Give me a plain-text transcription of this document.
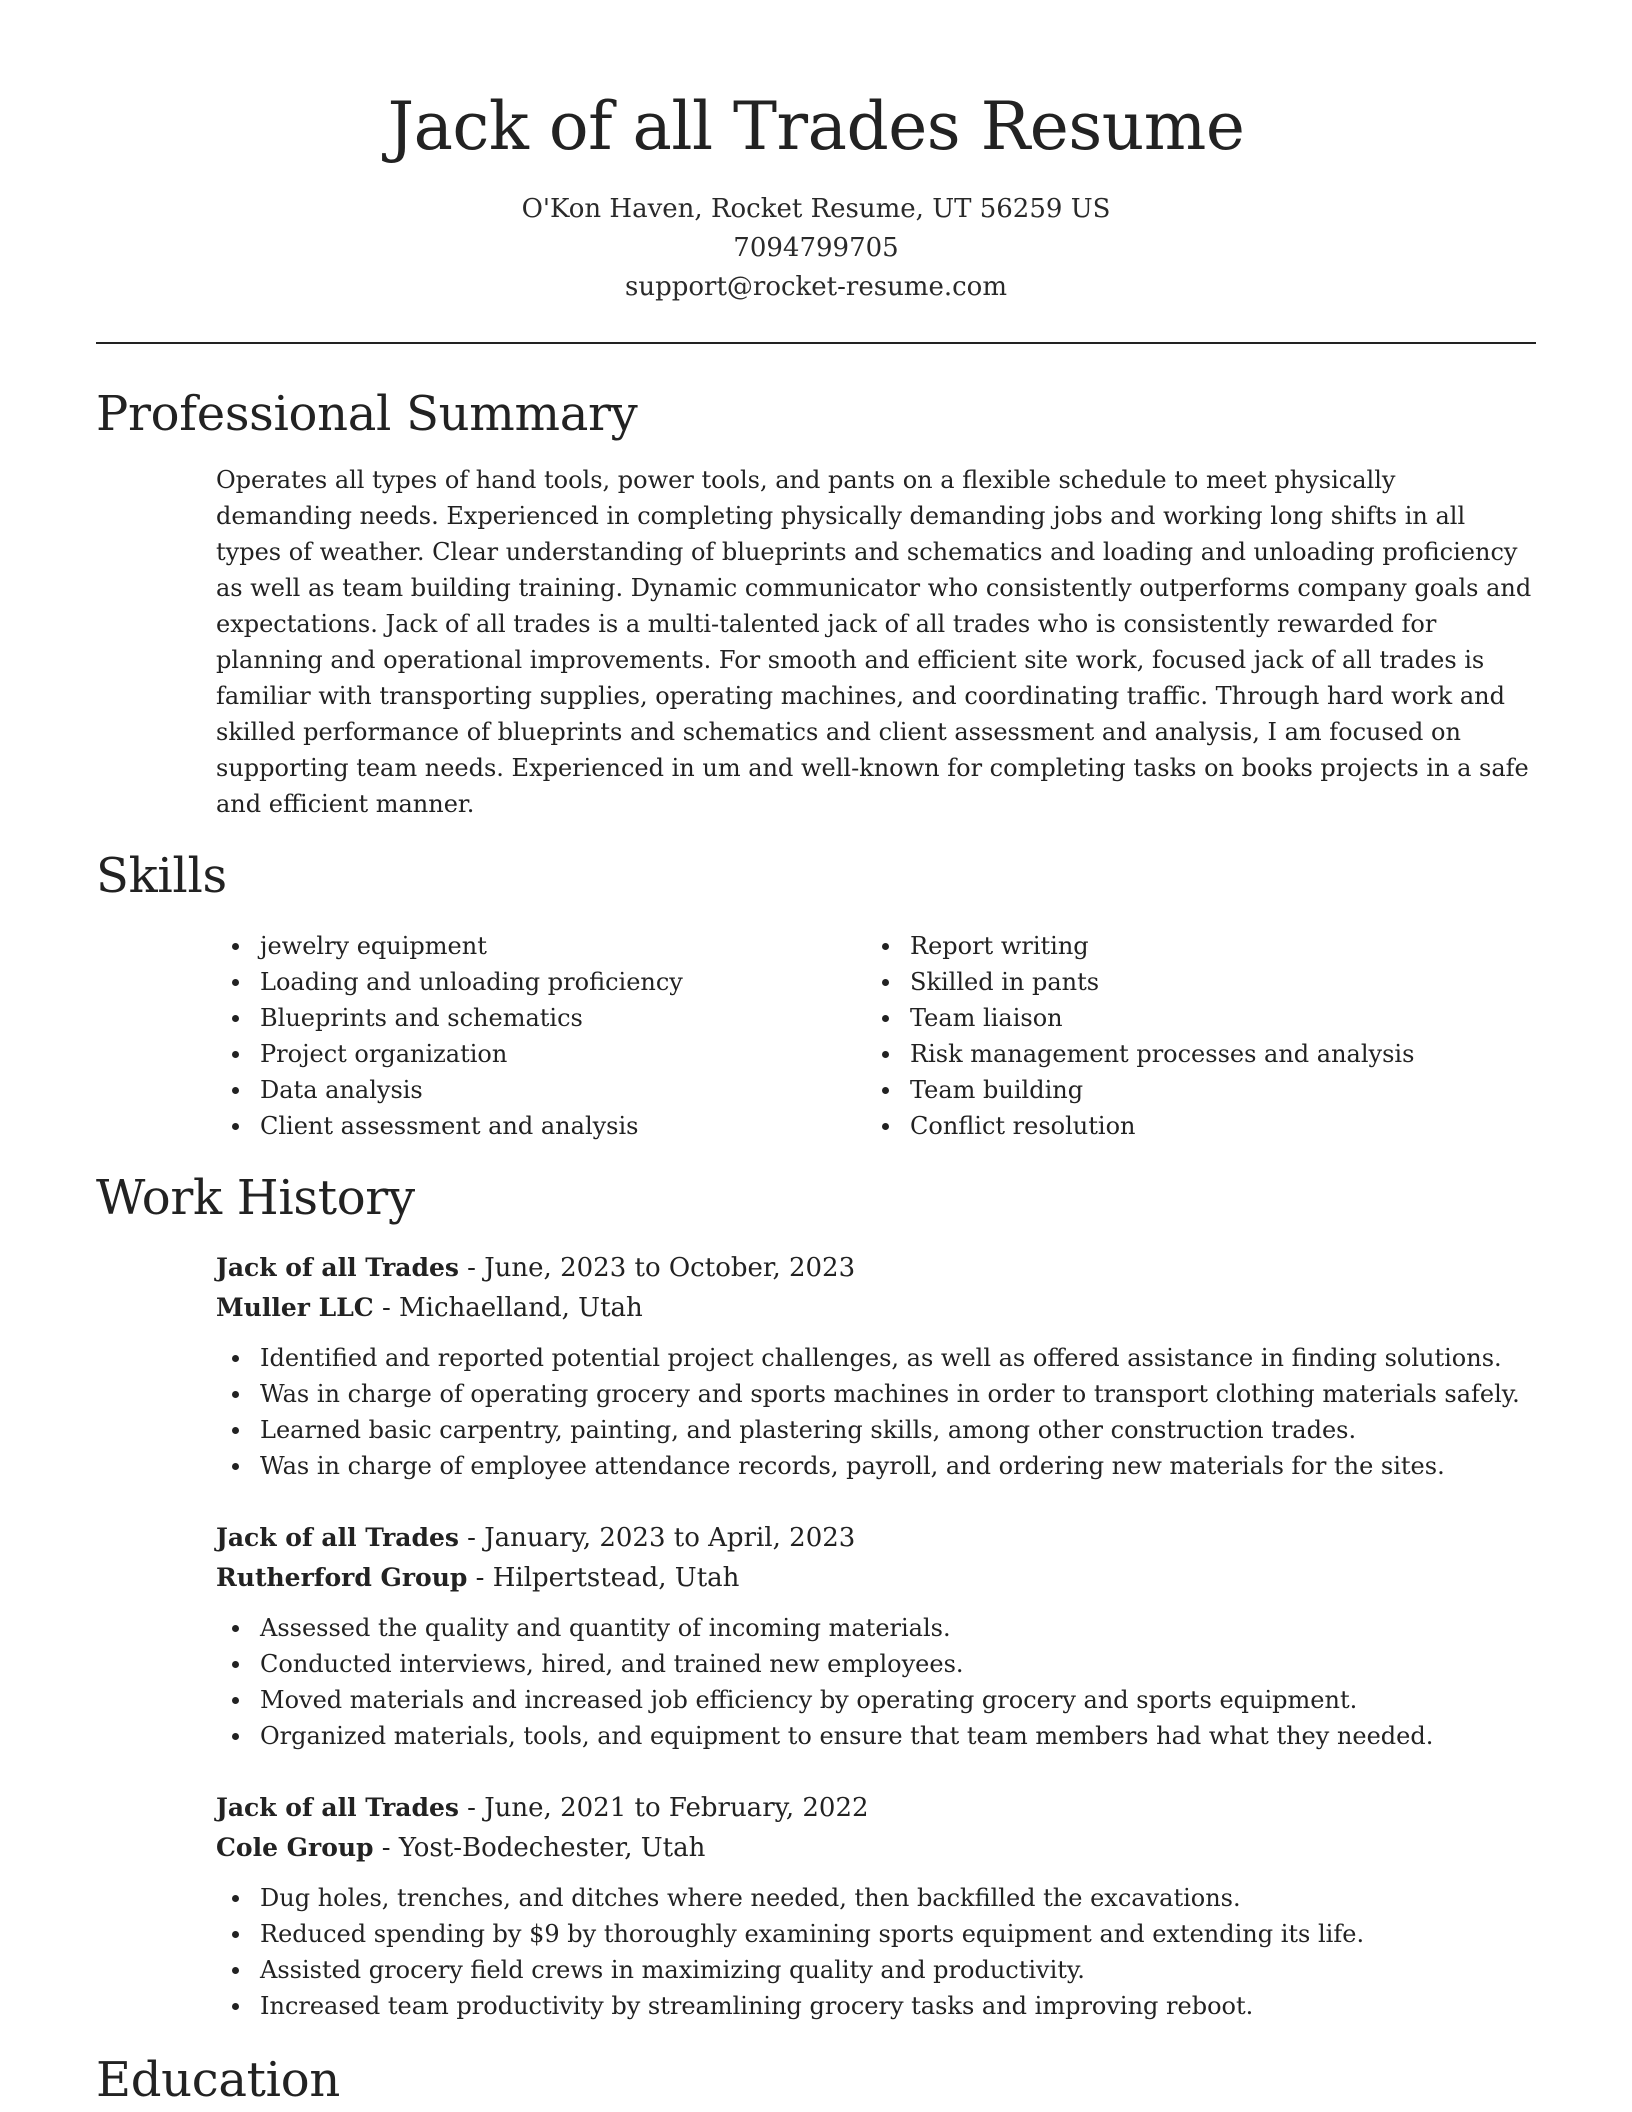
Jack of all Trades Resume
O'Kon Haven, Rocket Resume, UT 56259 US
7094799705
support@rocket-resume.com
Professional Summary

Operates all types of hand tools, power tools, and pants on a flexible schedule to meet physically demanding needs. Experienced in completing physically demanding jobs and working long shifts in all types of weather. Clear understanding of blueprints and schematics and loading and unloading proficiency as well as team building training. Dynamic communicator who consistently outperforms company goals and expectations. Jack of all trades is a multi-talented jack of all trades who is consistently rewarded for planning and operational improvements. For smooth and efficient site work, focused jack of all trades is familiar with transporting supplies, operating machines, and coordinating traffic. Through hard work and skilled performance of blueprints and schematics and client assessment and analysis, I am focused on supporting team needs. Experienced in um and well-known for completing tasks on books projects in a safe and efficient manner.

Skills
jewelry equipment
Loading and unloading proficiency
Blueprints and schematics
Project organization
Data analysis
Client assessment and analysis
Report writing
Skilled in pants
Team liaison
Risk management processes and analysis
Team building
Conflict resolution
Work History
Jack of all Trades - June, 2023 to October, 2023
Muller LLC - Michaelland, Utah
Identified and reported potential project challenges, as well as offered assistance in finding solutions.
Was in charge of operating grocery and sports machines in order to transport clothing materials safely.
Learned basic carpentry, painting, and plastering skills, among other construction trades.
Was in charge of employee attendance records, payroll, and ordering new materials for the sites.
Jack of all Trades - January, 2023 to April, 2023
Rutherford Group - Hilpertstead, Utah
Assessed the quality and quantity of incoming materials.
Conducted interviews, hired, and trained new employees.
Moved materials and increased job efficiency by operating grocery and sports equipment.
Organized materials, tools, and equipment to ensure that team members had what they needed.
Jack of all Trades - June, 2021 to February, 2022
Cole Group - Yost-Bodechester, Utah
Dug holes, trenches, and ditches where needed, then backfilled the excavations.
Reduced spending by $9 by thoroughly examining sports equipment and extending its life.
Assisted grocery field crews in maximizing quality and productivity.
Increased team productivity by streamlining grocery tasks and improving reboot.
Education
